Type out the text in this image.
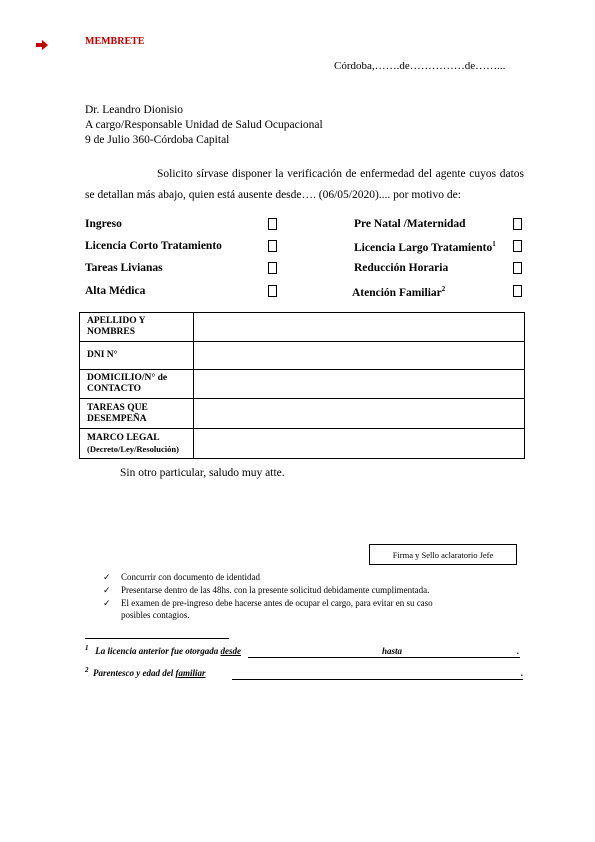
MEMBRETE
Córdoba,…….de……………de……...
Dr. Leandro Dionisio
A cargo/Responsable Unidad de Salud Ocupacional
9 de Julio 360-Córdoba Capital
Solicito sírvase disponer la verificación de enfermedad del agente cuyos datos se detallan más abajo, quien está ausente desde…. (06/05/2020).... por motivo de:
Ingreso
Licencia Corto Tratamiento
Tareas Livianas
Alta Médica
Pre Natal /Maternidad
Licencia Largo Tratamiento$^1$
Reducción Horaria
Atención Familiar$^2$
APELLIDO Y NOMBRES	
DNI N°	
DOMICILIO/N° de CONTACTO	
TAREAS QUE DESEMPEÑA	

MARCO LEGAL
(Decreto/Ley/Resolución)	

Sin otro particular, saludo muy atte.
Firma y Sello aclaratorio Jefe
✓ Concurrir con documento de identidad
✓ Presentarse dentro de las 48hs. con la presente solicitud debidamente cumplimentada.
✓ El examen de pre-ingreso debe hacerse antes de ocupar el cargo, para evitar en su caso
posibles contagios.
$^1$ La licencia anterior fue otorgada desde	hasta	.
$^2$ Parentesco y edad del familiar	.
